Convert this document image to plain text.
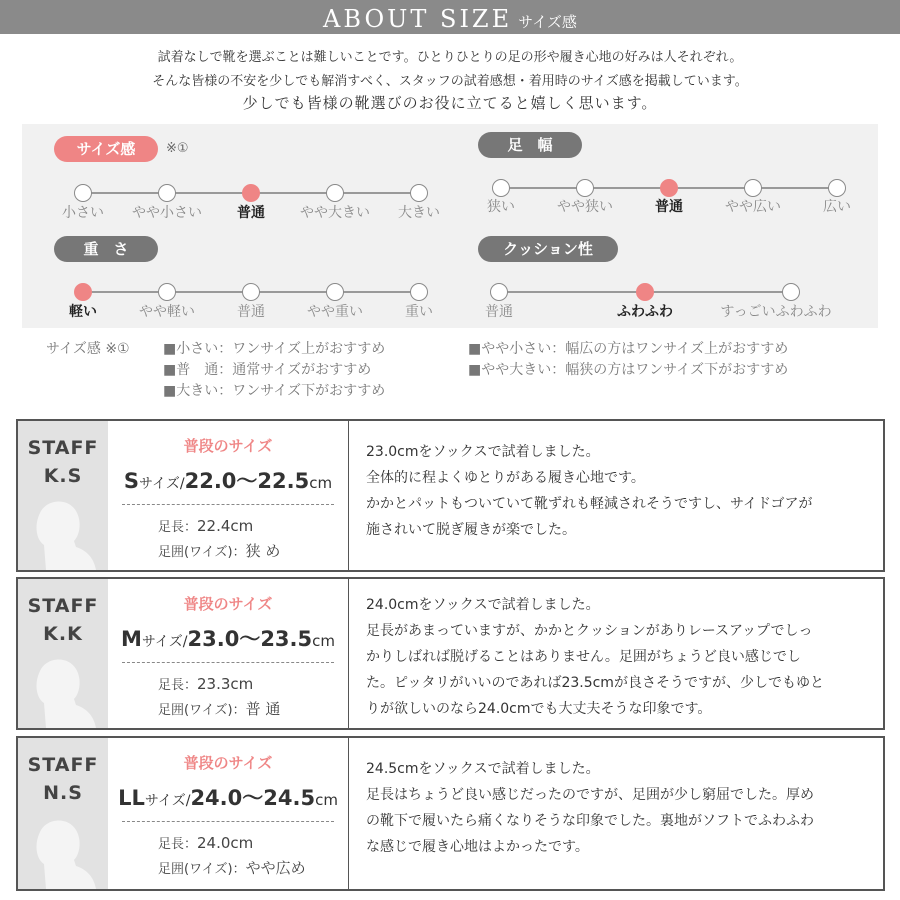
ABOUT SIZE サイズ感
試着なしで靴を選ぶことは難しいことです。ひとりひとりの足の形や履き心地の好みは人それぞれ。
そんな皆様の不安を少しでも解消すべく、スタッフの試着感想・着用時のサイズ感を掲載しています。
少しでも皆様の靴選びのお役に立てると嬉しく思います。
サイズ感	※①	足　幅
重　さ	クッション性
小さい やや小さい	普通	やや大きい 大きい	狭い	やや狭い	普通	やや広い	広い
軽い	やや軽い	普通	やや重い	重い	普通	ふわふわ	すっごいふわふわ
サイズ感 ※① ■小さい：ワンサイズ上がおすすめ
■普　通：通常サイズがおすすめ
■大きい：ワンサイズ下がおすすめ
■やや小さい：幅広の方はワンサイズ上がおすすめ
■やや大きい：幅狭の方はワンサイズ下がおすすめ
STAFF
K.S
普段のサイズ
Sサイズ/22.0〜22.5cm
足長：22.4cm
足囲(ワイズ)：狭 め
23.0cmをソックスで試着しました。
全体的に程よくゆとりがある履き心地です。
かかとパットもついていて靴ずれも軽減されそうですし、サイドゴアが
施されいて脱ぎ履きが楽でした。
STAFF
K.K
普段のサイズ
Mサイズ/23.0〜23.5cm
足長：23.3cm
足囲(ワイズ)：普 通
24.0cmをソックスで試着しました。
足長があまっていますが、かかとクッションがありレースアップでしっ
かりしばれば脱げることはありません。足囲がちょうど良い感じでし
た。ピッタリがいいのであれば23.5cmが良さそうですが、少しでもゆと
りが欲しいのなら24.0cmでも大丈夫そうな印象です。
STAFF
N.S
普段のサイズ
LLサイズ/24.0〜24.5cm
足長：24.0cm
足囲(ワイズ)：やや広め
24.5cmをソックスで試着しました。
足長はちょうど良い感じだったのですが、足囲が少し窮屈でした。厚め
の靴下で履いたら痛くなりそうな印象でした。裏地がソフトでふわふわ
な感じで履き心地はよかったです。
